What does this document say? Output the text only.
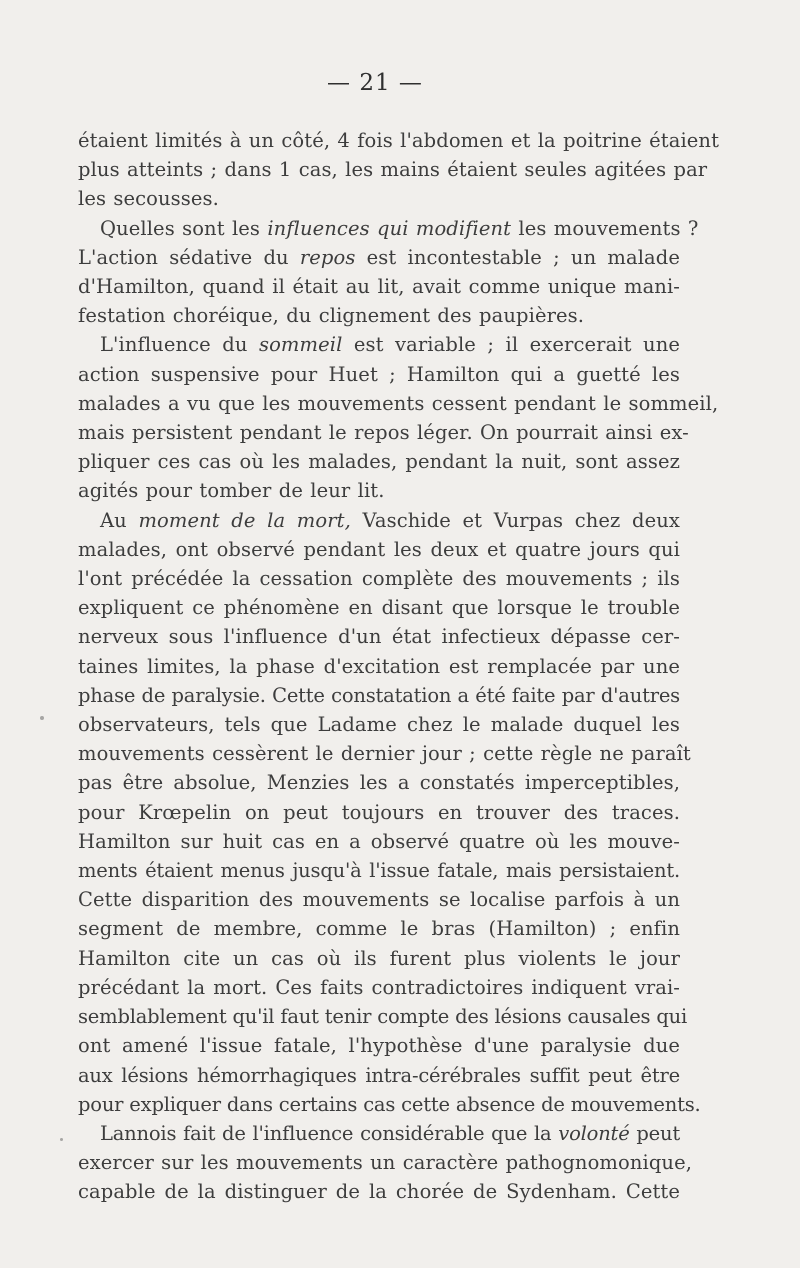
— 21 —
étaient limités à un côté, 4 fois l'abdomen et la poitrine étaient
plus atteints ; dans 1 cas, les mains étaient seules agitées par
les secousses.
Quelles sont les influences qui modifient les mouvements ?
L'action sédative du repos est incontestable ; un malade
d'Hamilton, quand il était au lit, avait comme unique mani-
festation choréique, du clignement des paupières.
L'influence du sommeil est variable ; il exercerait une
action suspensive pour Huet ; Hamilton qui a guetté les
malades a vu que les mouvements cessent pendant le sommeil,
mais persistent pendant le repos léger. On pourrait ainsi ex-
pliquer ces cas où les malades, pendant la nuit, sont assez
agités pour tomber de leur lit.
Au moment de la mort, Vaschide et Vurpas chez deux
malades, ont observé pendant les deux et quatre jours qui
l'ont précédée la cessation complète des mouvements ; ils
expliquent ce phénomène en disant que lorsque le trouble
nerveux sous l'influence d'un état infectieux dépasse cer-
taines limites, la phase d'excitation est remplacée par une
phase de paralysie. Cette constatation a été faite par d'autres
observateurs, tels que Ladame chez le malade duquel les
mouvements cessèrent le dernier jour ; cette règle ne paraît
pas être absolue, Menzies les a constatés imperceptibles,
pour Krœpelin on peut toujours en trouver des traces.
Hamilton sur huit cas en a observé quatre où les mouve-
ments étaient menus jusqu'à l'issue fatale, mais persistaient.
Cette disparition des mouvements se localise parfois à un
segment de membre, comme le bras (Hamilton) ; enfin
Hamilton cite un cas où ils furent plus violents le jour
précédant la mort. Ces faits contradictoires indiquent vrai-
semblablement qu'il faut tenir compte des lésions causales qui
ont amené l'issue fatale, l'hypothèse d'une paralysie due
aux lésions hémorrhagiques intra-cérébrales suffit peut être
pour expliquer dans certains cas cette absence de mouvements.
Lannois fait de l'influence considérable que la volonté peut
exercer sur les mouvements un caractère pathognomonique,
capable de la distinguer de la chorée de Sydenham. Cette
